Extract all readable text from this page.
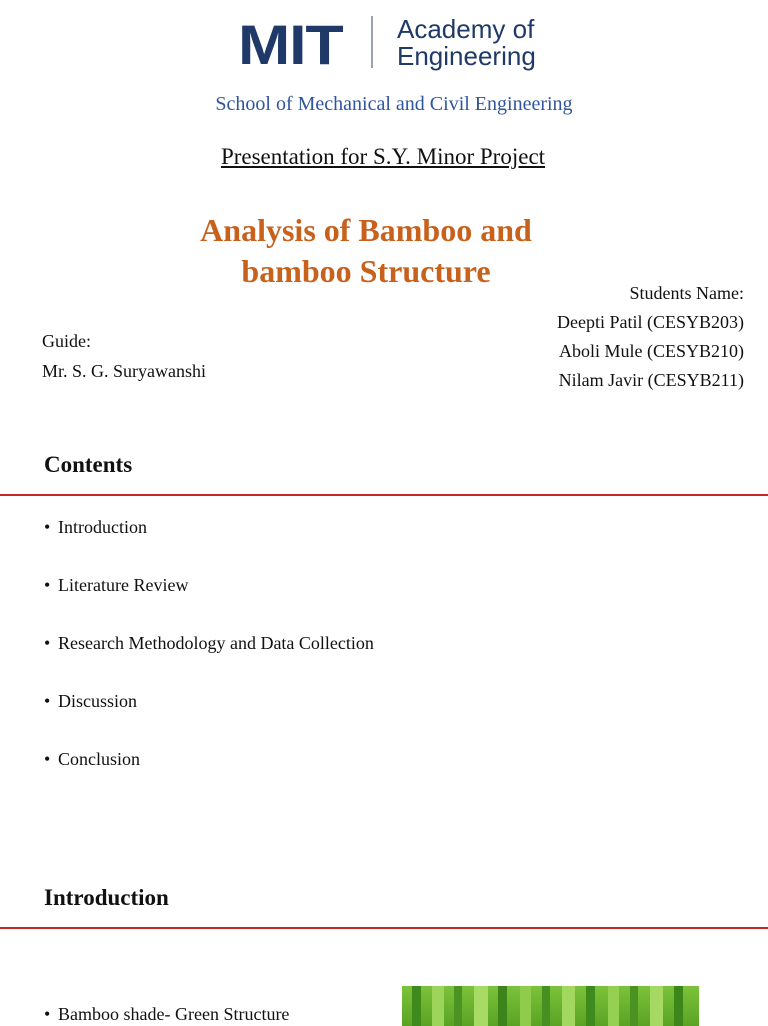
MIT Academy of
Engineering
School of Mechanical and Civil Engineering
Presentation for S.Y. Minor Project
Analysis of Bamboo and
bamboo Structure
Students Name:
Deepti Patil (CESYB203)
Aboli Mule (CESYB210)
Nilam Javir (CESYB211)
Guide:
Mr. S. G. Suryawanshi
Contents
• Introduction
• Literature Review
• Research Methodology and Data Collection
• Discussion
• Conclusion
Introduction
• Bamboo shade- Green Structure
